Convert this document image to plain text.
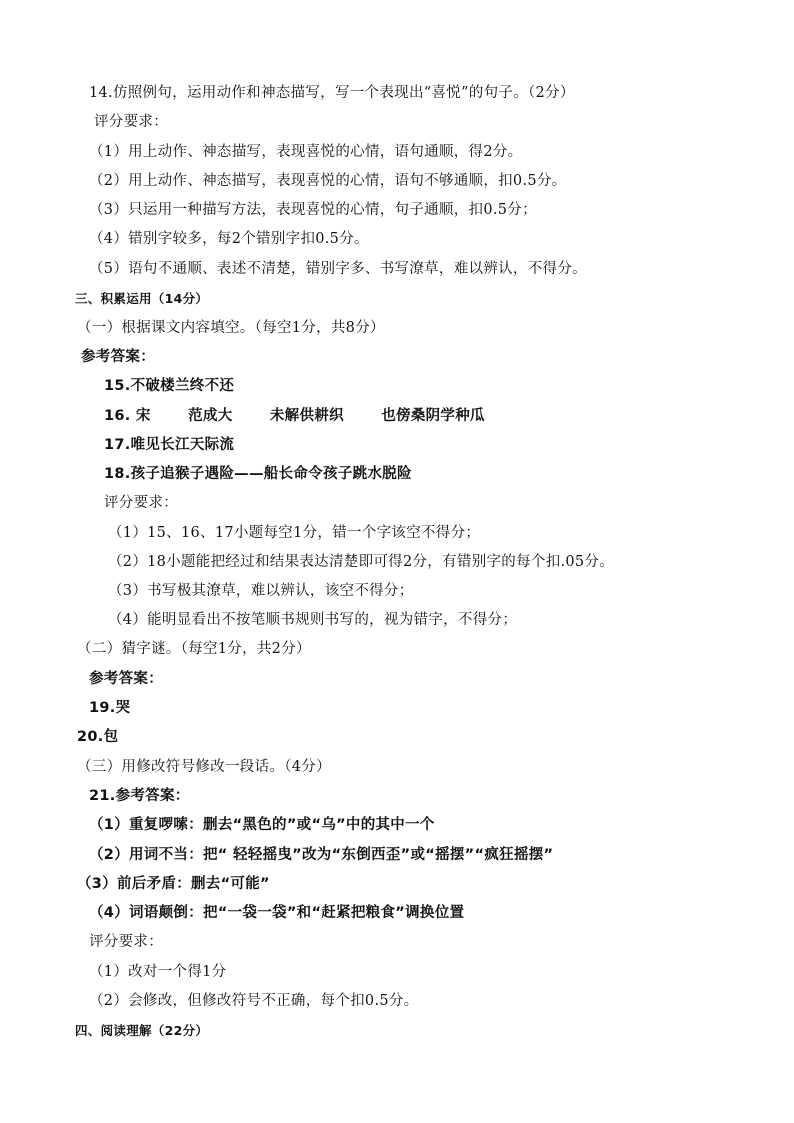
14.仿照例句，运用动作和神态描写，写一个表现出“喜悦”的句子。（2分）
评分要求：
（1）用上动作、神态描写，表现喜悦的心情，语句通顺，得2分。
（2）用上动作、神态描写，表现喜悦的心情，语句不够通顺，扣0.5分。
（3）只运用一种描写方法，表现喜悦的心情，句子通顺，扣0.5分；
（4）错别字较多，每2个错别字扣0.5分。
（5）语句不通顺、表述不清楚，错别字多、书写潦草，难以辨认，不得分。
三、积累运用（14分）
（一）根据课文内容填空。（每空1分，共8分）
参考答案：
15.不破楼兰终不还
16. 宋	范成大	未解供耕织	也傍桑阴学种瓜
17.唯见长江天际流
18.孩子追猴子遇险——船长命令孩子跳水脱险
评分要求：
（1）15、16、17小题每空1分，错一个字该空不得分；
（2）18小题能把经过和结果表达清楚即可得2分，有错别字的每个扣.05分。
（3）书写极其潦草，难以辨认，该空不得分；
（4）能明显看出不按笔顺书规则书写的，视为错字，不得分；
（二）猜字谜。（每空1分，共2分）
参考答案：
19.哭
20.包
（三）用修改符号修改一段话。（4分）
21.参考答案：
（1）重复啰嗦：删去“黑色的”或“乌”中的其中一个
（2）用词不当：把“ 轻轻摇曳”改为“东倒西歪”或“摇摆”“疯狂摇摆”
（3）前后矛盾：删去“可能”
（4）词语颠倒：把“一袋一袋”和“赶紧把粮食”调换位置
评分要求：
（1）改对一个得1分
（2）会修改，但修改符号不正确，每个扣0.5分。
四、阅读理解（22分）
